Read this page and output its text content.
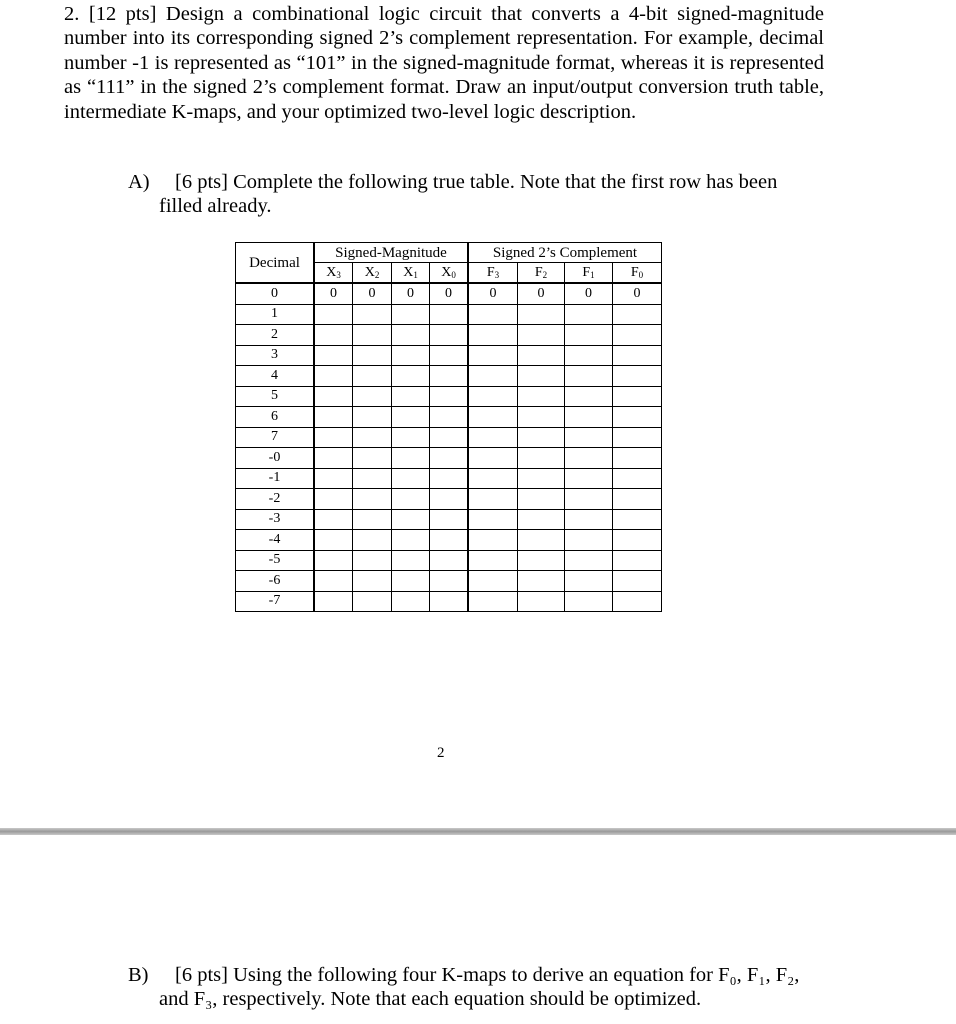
2. [12 pts] Design a combinational logic circuit that converts a 4-bit signed-magnitude number into its corresponding signed 2’s complement representation. For example, decimal number -1 is represented as “101” in the signed-magnitude format, whereas it is represented as “111” in the signed 2’s complement format. Draw an input/output conversion truth table, intermediate K-maps, and your optimized two-level logic description.
A) [6 pts] Complete the following true table. Note that the first row has been
filled already.
Decimal	Signed-Magnitude				Signed 2’s Complement			
	$X_3$	$X_2$	$X_1$	$X_0$	$F_3$	$F_2$	$F_1$	$F_0$
0	0	0	0	0	0	0	0	0
1								
2								
3								
4								
5								
6								
7								
-0								
-1								
-2								
-3								
-4								
-5								
-6								
-7								
2
B) [6 pts] Using the following four K-maps to derive an equation for F₀, F₁, F₂,
and F₃, respectively. Note that each equation should be optimized.
